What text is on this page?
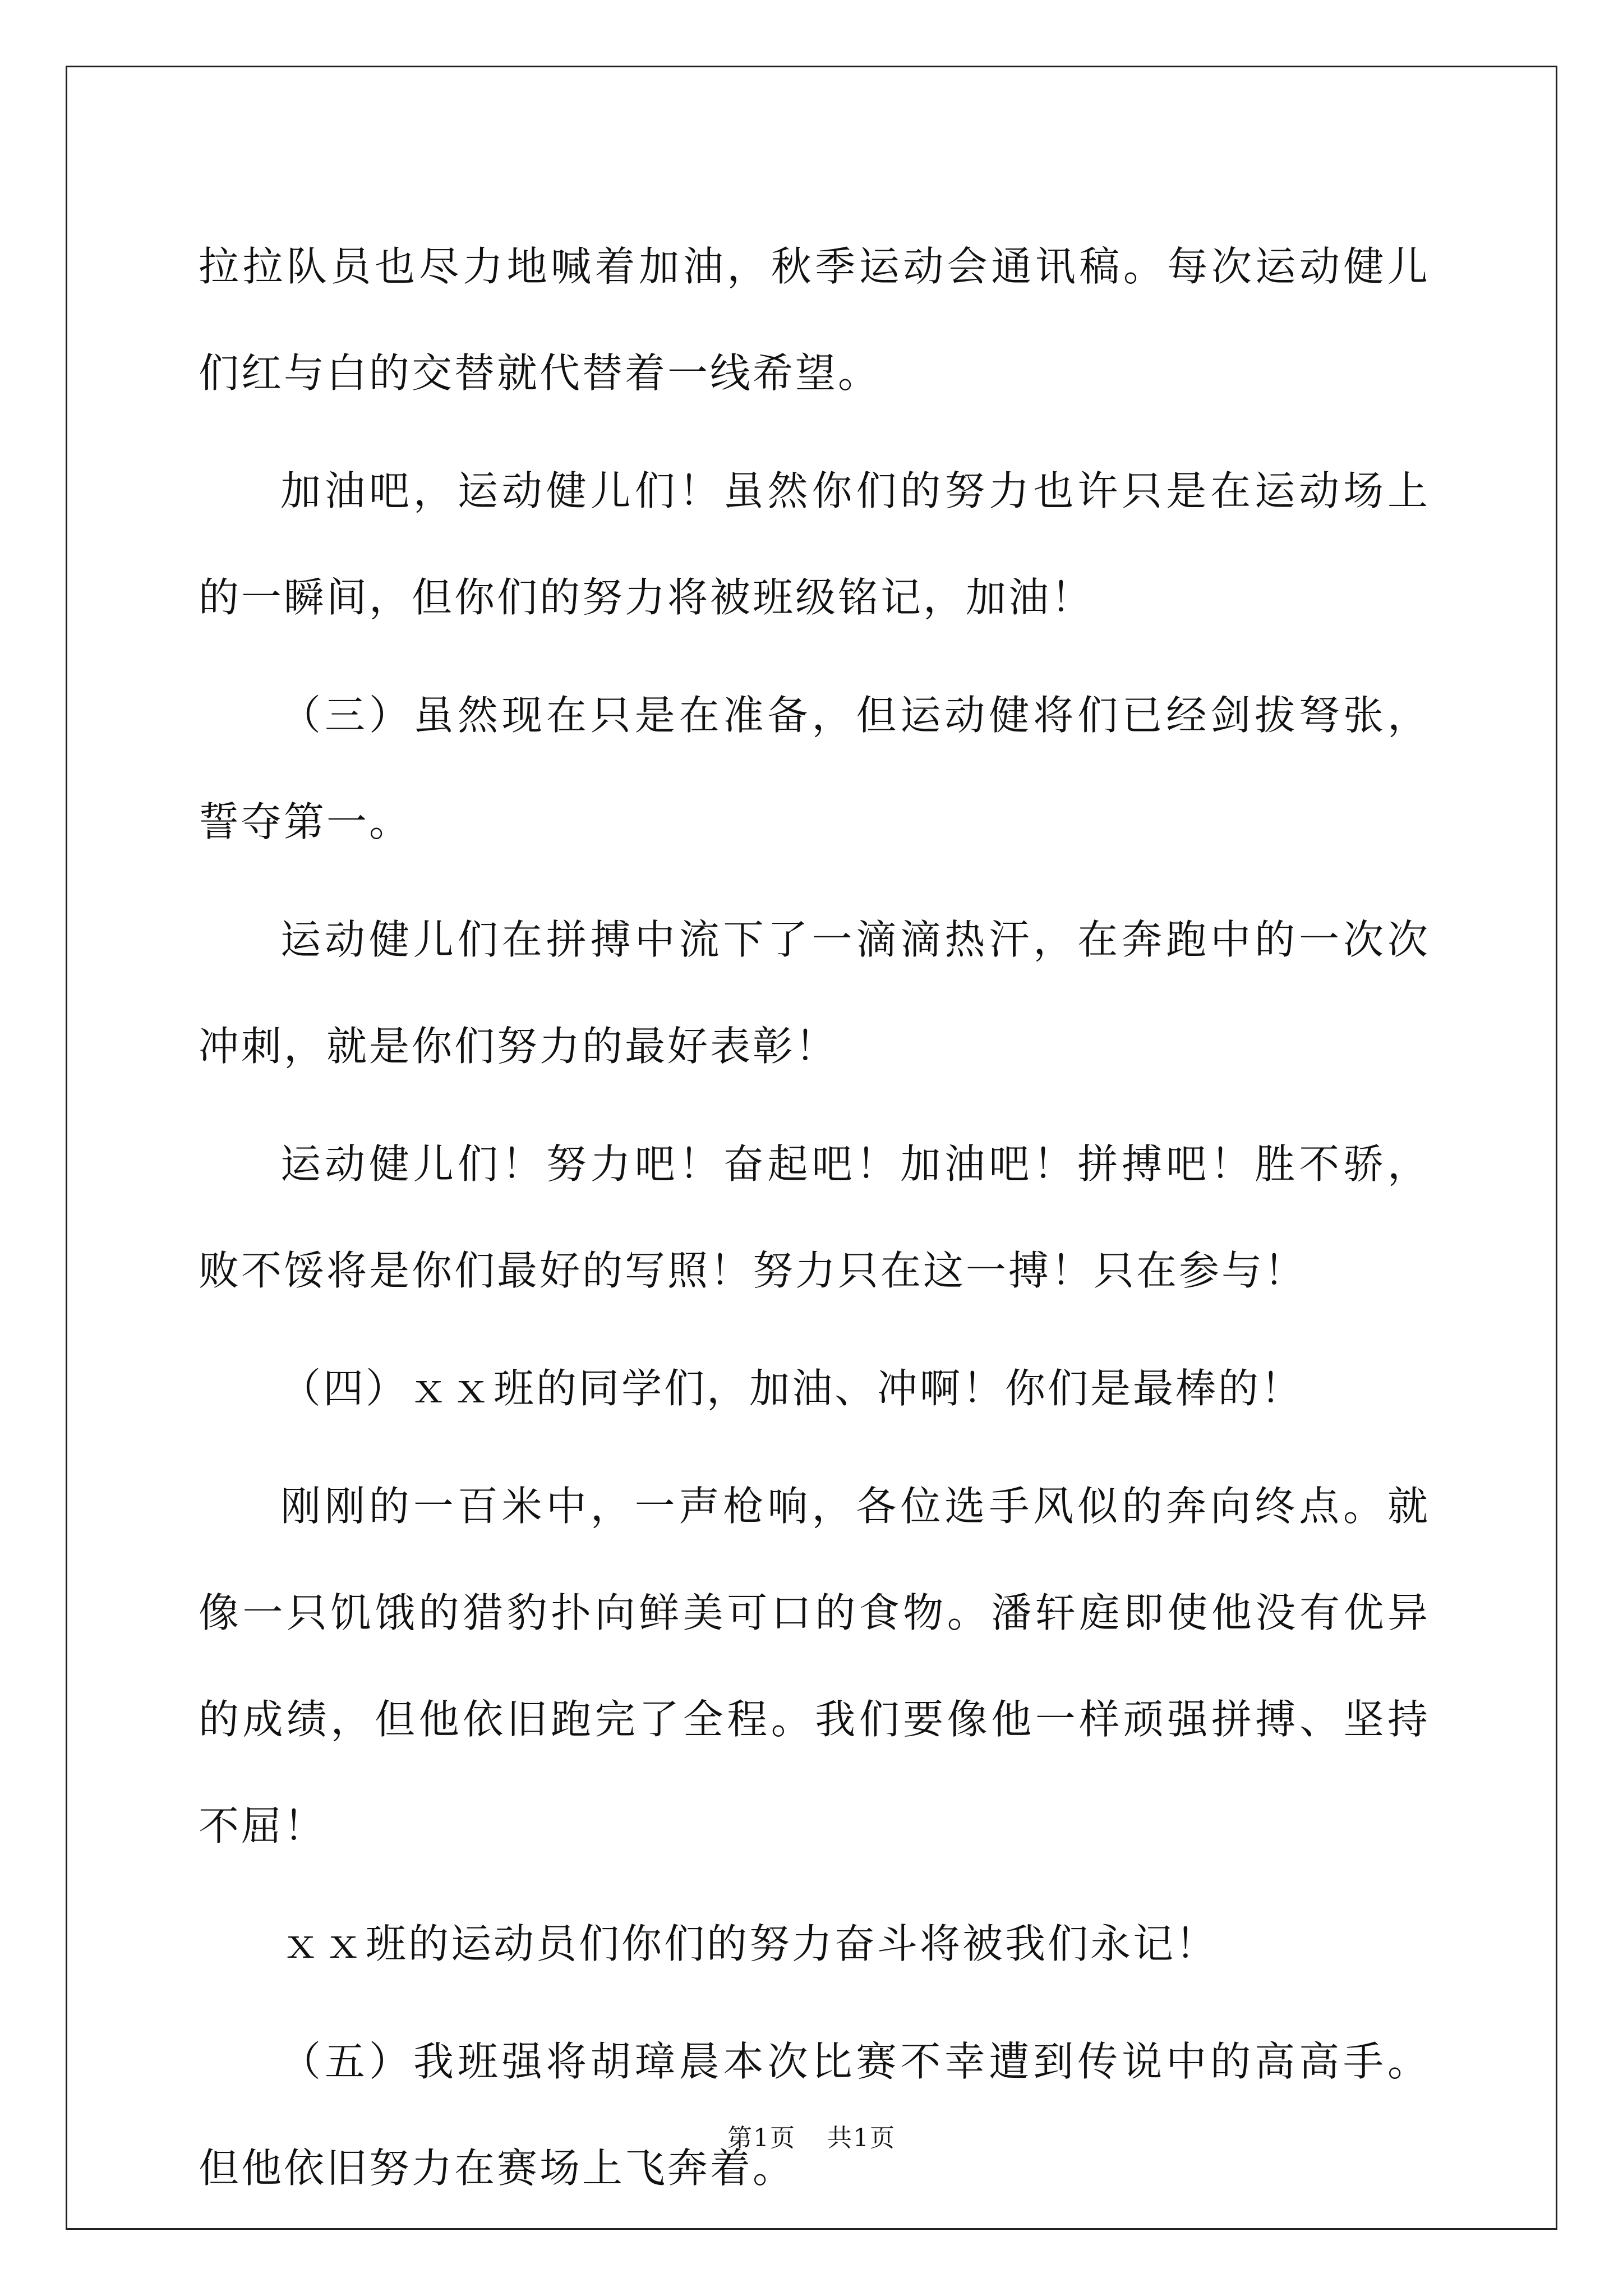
拉拉队员也尽力地喊着加油，秋季运动会通讯稿。每次运动健儿们红与白的交替就代替着一线希望。

加油吧，运动健儿们！虽然你们的努力也许只是在运动场上的一瞬间，但你们的努力将被班级铭记，加油！

（三）虽然现在只是在准备，但运动健将们已经剑拔弩张，誓夺第一。

运动健儿们在拼搏中流下了一滴滴热汗，在奔跑中的一次次冲刺，就是你们努力的最好表彰！

运动健儿们！努力吧！奋起吧！加油吧！拼搏吧！胜不骄，败不馁将是你们最好的写照！努力只在这一搏！只在参与！

（四）ｘｘ班的同学们，加油、冲啊！你们是最棒的！

刚刚的一百米中，一声枪响，各位选手风似的奔向终点。就像一只饥饿的猎豹扑向鲜美可口的食物。潘轩庭即使他没有优异的成绩，但他依旧跑完了全程。我们要像他一样顽强拼搏、坚持不屈！

ｘｘ班的运动员们你们的努力奋斗将被我们永记！

（五）我班强将胡璋晨本次比赛不幸遭到传说中的高高手。但他依旧努力在赛场上飞奔着。

第1页 共1页
